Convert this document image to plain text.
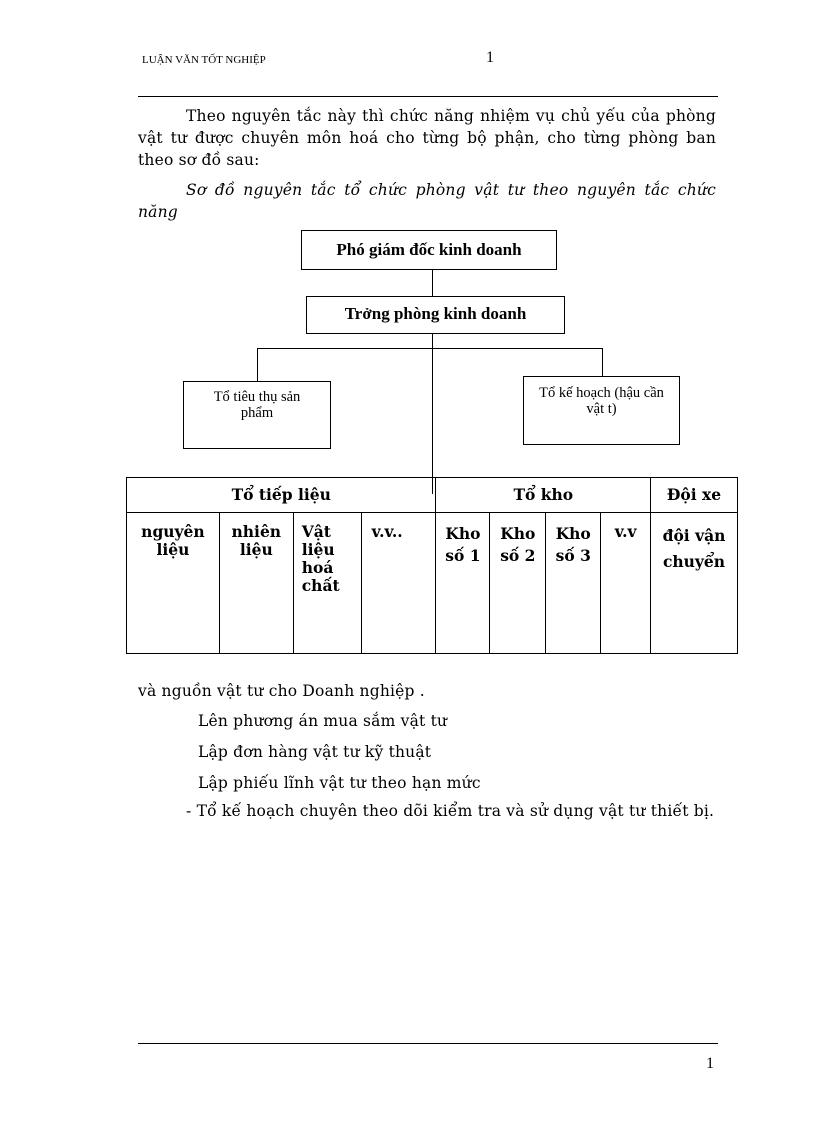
LUẬN VĂN TỐT NGHIỆP	1
Theo nguyên tắc này thì chức năng nhiệm vụ chủ yếu của phòng vật tư được chuyên môn hoá cho từng bộ phận, cho từng phòng ban theo sơ đồ sau:
Sơ đồ nguyên tắc tổ chức phòng vật tư theo nguyên tắc chức năng
Phó giám đốc kinh doanh
Trởng phòng kinh doanh
Tổ tiêu thụ sản phẩm
Tổ kế hoạch (hậu cần vật t)
Tổ tiếp liệu				Tổ kho				Đội xe
nguyên liệu	nhiên liệu	Vật liệu hoá chất	v.v..	Kho số 1	Kho số 2	Kho số 3	v.v	đội vận chuyển
và nguồn vật tư cho Doanh nghiệp .
Lên phương án mua sắm vật tư
Lập đơn hàng vật tư kỹ thuật
Lập phiếu lĩnh vật tư theo hạn mức
- Tổ kế hoạch chuyên theo dõi kiểm tra và sử dụng vật tư thiết bị.
1
